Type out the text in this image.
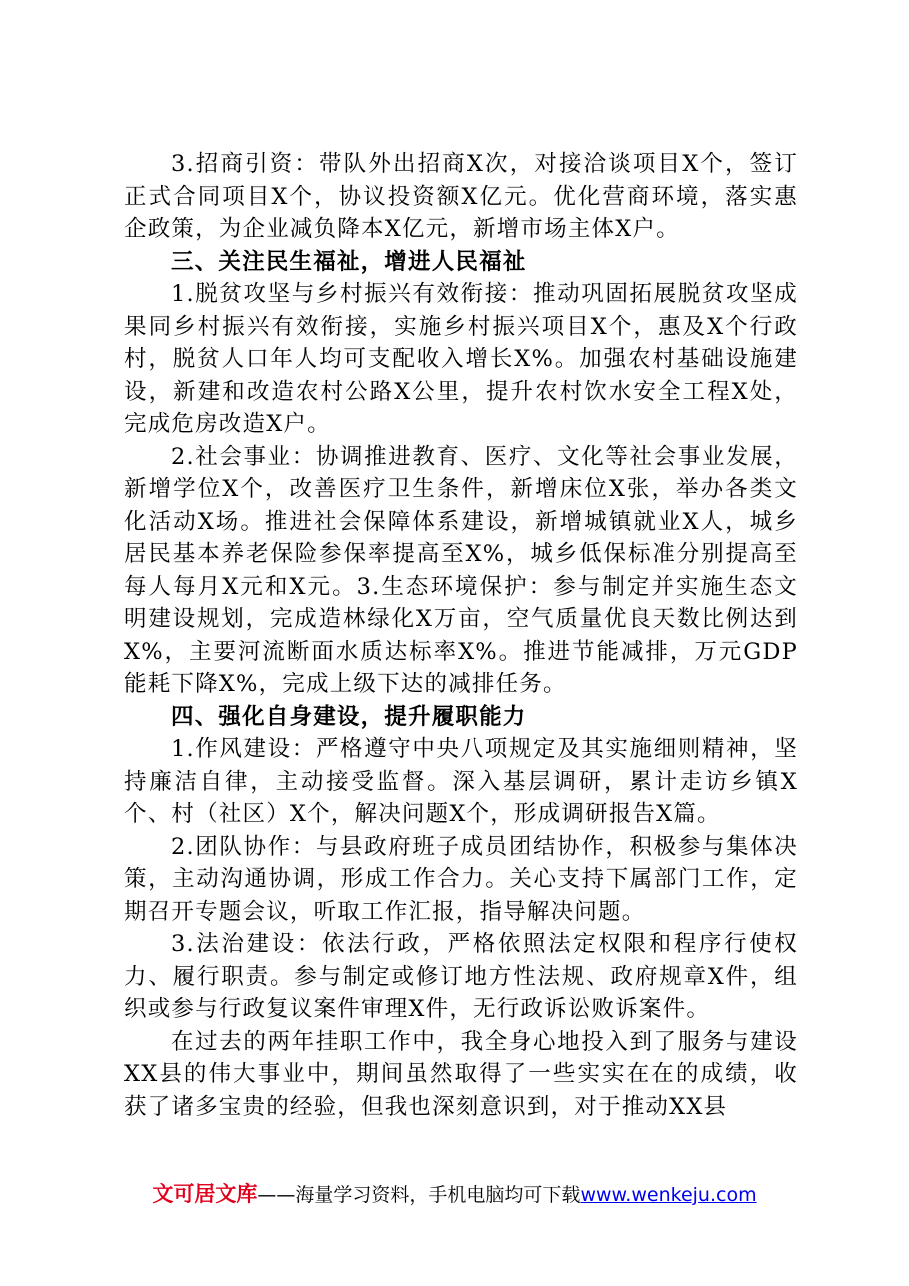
3.招商引资：带队外出招商X次，对接洽谈项目X个，签订正式合同项目X个，协议投资额X亿元。优化营商环境，落实惠企政策，为企业减负降本X亿元，新增市场主体X户。

三、关注民生福祉，增进人民福祉

1.脱贫攻坚与乡村振兴有效衔接：推动巩固拓展脱贫攻坚成果同乡村振兴有效衔接，实施乡村振兴项目X个，惠及X个行政村，脱贫人口年人均可支配收入增长X%。加强农村基础设施建设，新建和改造农村公路X公里，提升农村饮水安全工程X处，完成危房改造X户。

2.社会事业：协调推进教育、医疗、文化等社会事业发展，新增学位X个，改善医疗卫生条件，新增床位X张，举办各类文化活动X场。推进社会保障体系建设，新增城镇就业X人，城乡居民基本养老保险参保率提高至X%，城乡低保标准分别提高至每人每月X元和X元。3.生态环境保护：参与制定并实施生态文明建设规划，完成造林绿化X万亩，空气质量优良天数比例达到X%，主要河流断面水质达标率X%。推进节能减排，万元GDP能耗下降X%，完成上级下达的减排任务。

四、强化自身建设，提升履职能力

1.作风建设：严格遵守中央八项规定及其实施细则精神，坚持廉洁自律，主动接受监督。深入基层调研，累计走访乡镇X个、村（社区）X个，解决问题X个，形成调研报告X篇。

2.团队协作：与县政府班子成员团结协作，积极参与集体决策，主动沟通协调，形成工作合力。关心支持下属部门工作，定期召开专题会议，听取工作汇报，指导解决问题。

3.法治建设：依法行政，严格依照法定权限和程序行使权力、履行职责。参与制定或修订地方性法规、政府规章X件，组织或参与行政复议案件审理X件，无行政诉讼败诉案件。

在过去的两年挂职工作中，我全身心地投入到了服务与建设XX县的伟大事业中，期间虽然取得了一些实实在在的成绩，收获了诸多宝贵的经验，但我也深刻意识到，对于推动XX县

文可居文库——海量学习资料，手机电脑均可下载www.wenkeju.com
